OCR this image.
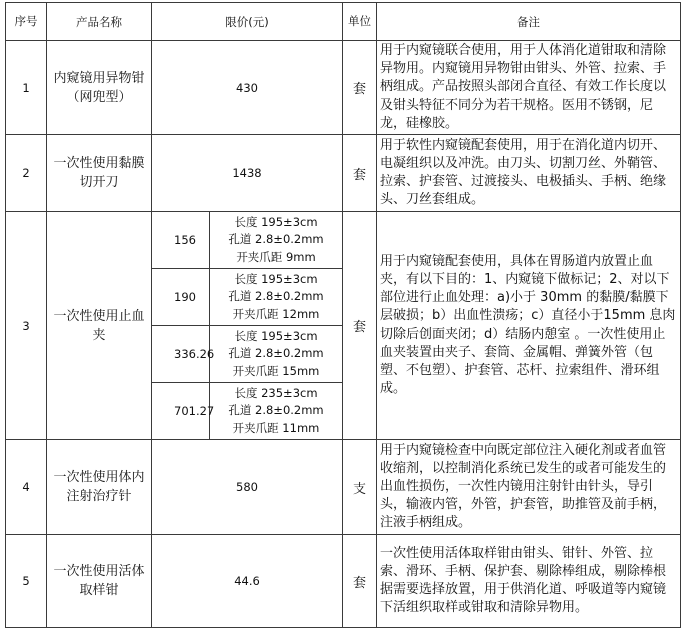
序号	产品名称	限价(元)		单位	备注
1	内窥镜用异物钳（网兜型）	430		套	用于内窥镜联合使用，用于人体消化道钳取和清除异物用。内窥镜用异物钳由钳头、外管、拉索、手柄组成。产品按照头部闭合直径、有效工作长度以及钳头特征不同分为若干规格。医用不锈钢，尼龙，硅橡胶。
2	一次性使用黏膜切开刀	1438		套	用于软性内窥镜配套使用，用于在消化道内切开、电凝组织以及冲洗。由刀头、切割刀丝、外鞘管、拉索、护套管、过渡接头、电极插头、手柄、绝缘头、刀丝套组成。
3	一次性使用止血夹	156	长度 195±3cm
孔道 2.8±0.2mm
开夹爪距 9mm	套	用于内窥镜配套使用，具体在胃肠道内放置止血夹，有以下目的：1、内窥镜下做标记；2、对以下部位进行止血处理：a)小于 30mm 的黏膜/黏膜下层破损；b）出血性溃疡；c）直径小于15mm 息肉切除后创面夹闭；d）结肠内憩室 。一次性使用止血夹装置由夹子、套筒、金属帽、弹簧外管（包塑、不包塑）、护套管、芯杆、拉索组件、滑环组成。
		190	长度 195±3cm
孔道 2.8±0.2mm
开夹爪距 12mm		

		336.26	长度 195±3cm
孔道 2.8±0.2mm
开夹爪距 15mm		

		701.27	长度 235±3cm
孔道 2.8±0.2mm
开夹爪距 11mm		

4	一次性使用体内注射治疗针	580		支	用于内窥镜检查中向既定部位注入硬化剂或者血管收缩剂，以控制消化系统已发生的或者可能发生的出血性损伤，一次性内镜用注射针由针头，导引头，输液内管，外管，护套管，助推管及前手柄，注液手柄组成。
5	一次性使用活体取样钳	44.6		套	一次性使用活体取样钳由钳头、钳针、外管、拉索、滑环、手柄、保护套、剔除棒组成，剔除棒根据需要选择放置，用于供消化道、呼吸道等内窥镜下活组织取样或钳取和清除异物用。
